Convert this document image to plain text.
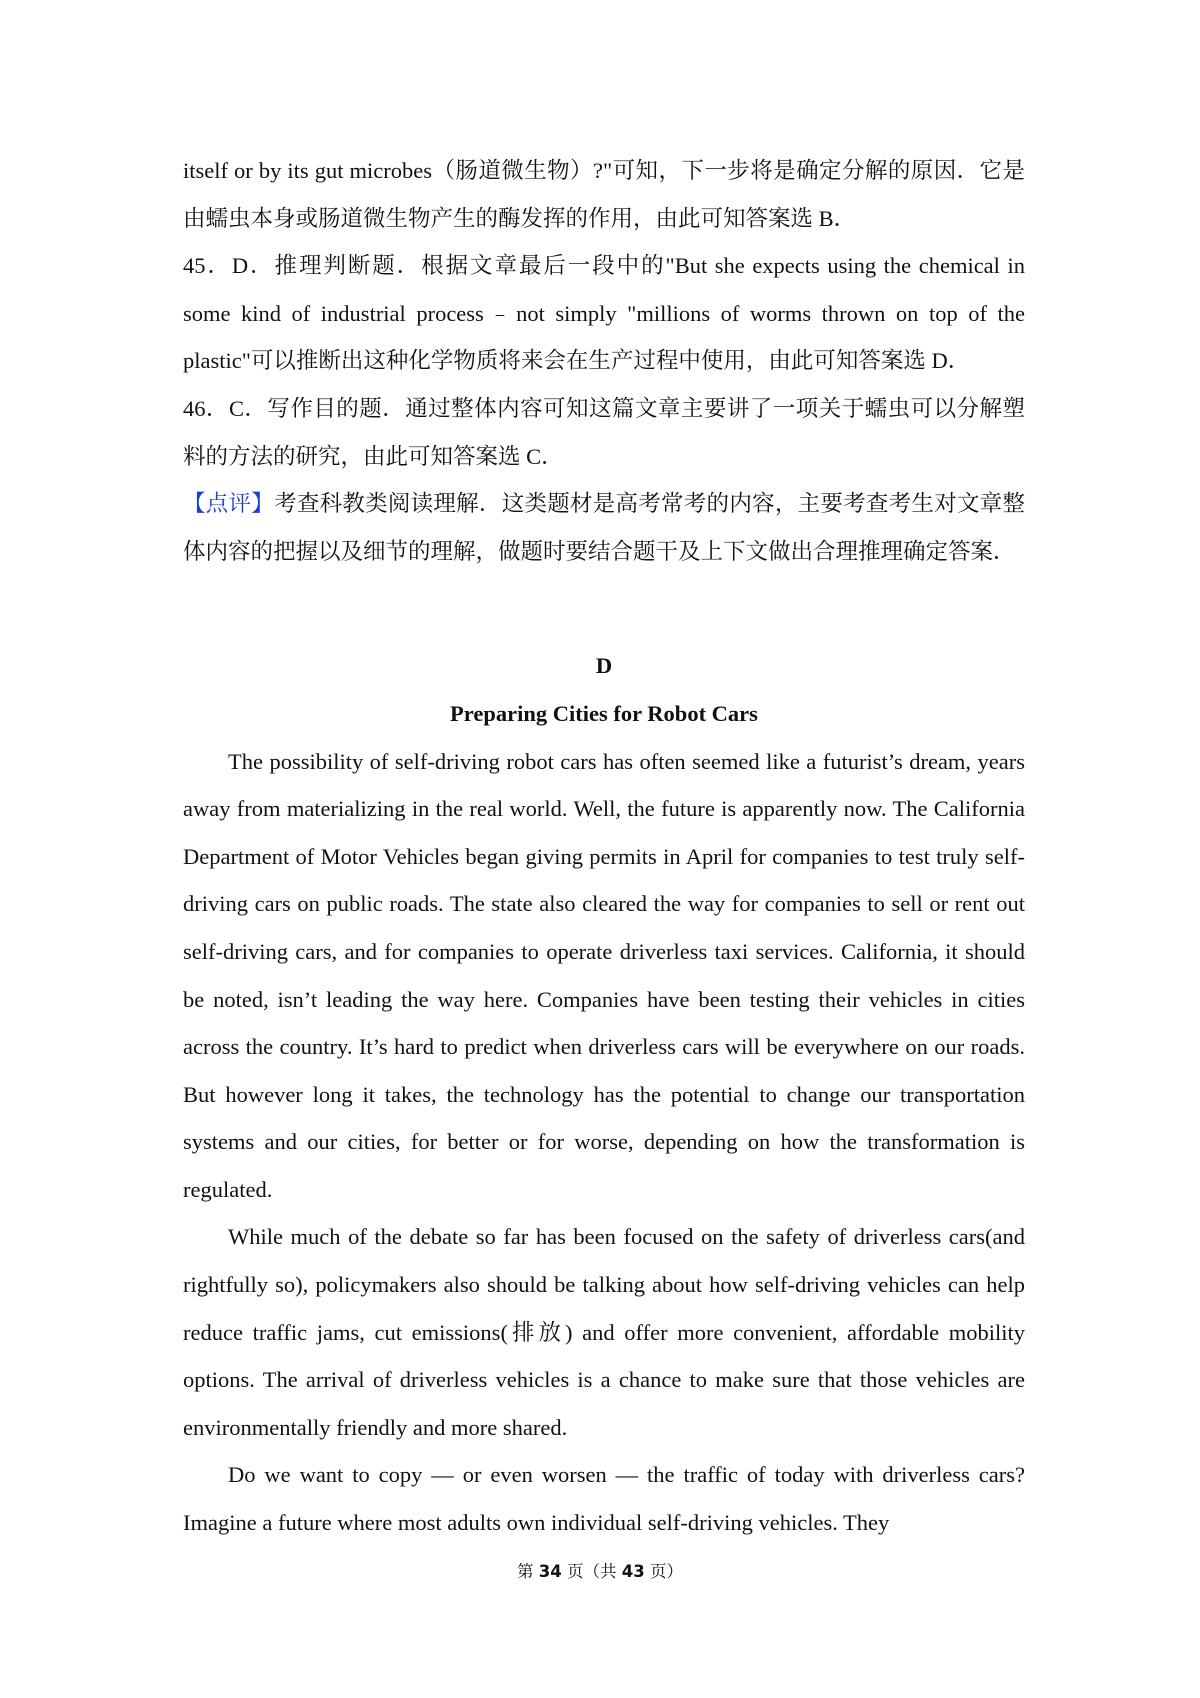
itself or by its gut microbes（肠道微生物）?"可知，下一步将是确定分解的原因．它是由蠕虫本身或肠道微生物产生的酶发挥的作用，由此可知答案选 B．

45．D．推理判断题．根据文章最后一段中的"But she expects using the chemical in some kind of industrial process﹣not simply "millions of worms thrown on top of the plastic"可以推断出这种化学物质将来会在生产过程中使用，由此可知答案选 D．

46．C．写作目的题．通过整体内容可知这篇文章主要讲了一项关于蠕虫可以分解塑料的方法的研究，由此可知答案选 C．

【点评】考查科教类阅读理解．这类题材是高考常考的内容，主要考查考生对文章整体内容的把握以及细节的理解，做题时要结合题干及上下文做出合理推理确定答案．

D

Preparing Cities for Robot Cars

The possibility of self-driving robot cars has often seemed like a futurist’s dream, years away from materializing in the real world. Well, the future is apparently now. The California Department of Motor Vehicles began giving permits in April for companies to test truly self-driving cars on public roads. The state also cleared the way for companies to sell or rent out self-driving cars, and for companies to operate driverless taxi services. California, it should be noted, isn’t leading the way here. Companies have been testing their vehicles in cities across the country. It’s hard to predict when driverless cars will be everywhere on our roads. But however long it takes, the technology has the potential to change our transportation systems and our cities, for better or for worse, depending on how the transformation is regulated.

While much of the debate so far has been focused on the safety of driverless cars(and rightfully so), policymakers also should be talking about how self-driving vehicles can help reduce traffic jams, cut emissions(排放) and offer more convenient, affordable mobility options. The arrival of driverless vehicles is a chance to make sure that those vehicles are environmentally friendly and more shared.

Do we want to copy — or even worsen — the traffic of today with driverless cars? Imagine a future where most adults own individual self-driving vehicles. They

第 34 页（共 43 页）
